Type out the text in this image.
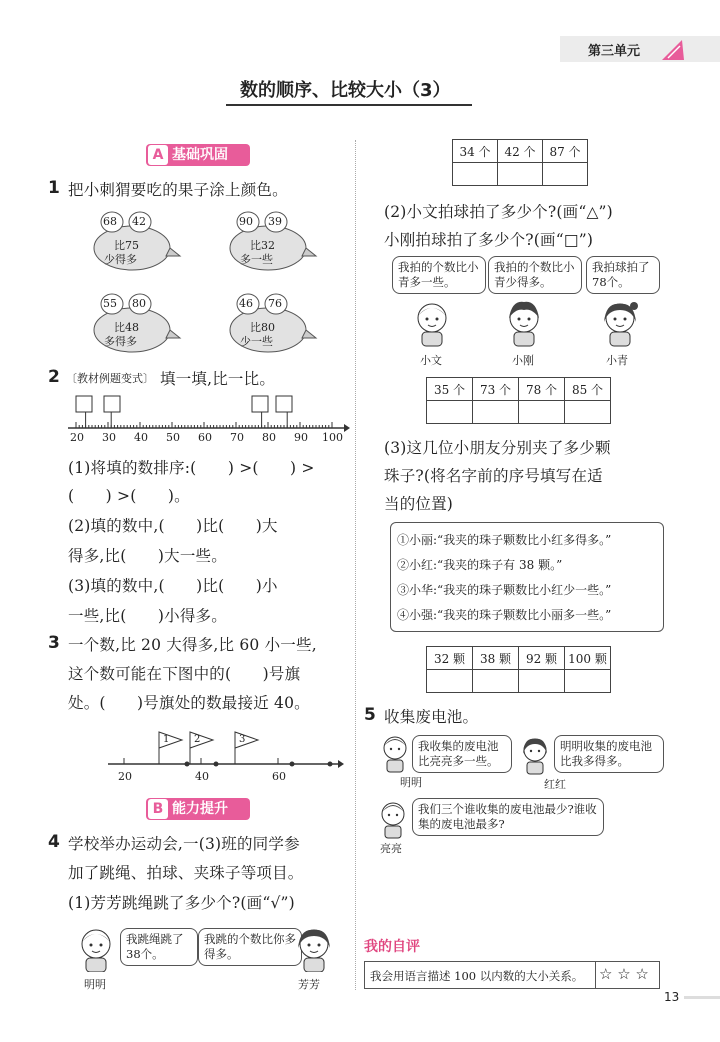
第三单元
数的顺序、比较大小（3）
A 基础巩固
1 把小刺猬要吃的果子涂上颜色。
68 42
比75
少得多
90 39
比32
多一些
55 80
比48
多得多
46 76
比80
少一些
2 〔教材例题变式〕 填一填,比一比。
20 30 40 50 60 70 80 90 100
(1)将填的数排序:(　　) >(　　) >
(　　) >(　　)。
(2)填的数中,(　　)比(　　)大
得多,比(　　)大一些。
(3)填的数中,(　　)比(　　)小
一些,比(　　)小得多。
3 一个数,比 20 大得多,比 60 小一些,
这个数可能在下图中的(　　)号旗
处。(　　)号旗处的数最接近 40。
1 2	3
20	40	60
B 能力提升
4 学校举办运动会,一(3)班的同学参
加了跳绳、拍球、夹珠子等项目。
(1)芳芳跳绳跳了多少个?(画“√”)
我跳绳跳了38个。
我跳的个数比你多得多。
明明	芳芳
34 个	42 个	87 个

(2)小文拍球拍了多少个?(画“△”)
小刚拍球拍了多少个?(画“□”)
我拍的个数比小青多一些。
我拍的个数比小青少得多。
我拍球拍了78个。
小文	小刚	小青
35 个	73 个	78 个	85 个

(3)这几位小朋友分别夹了多少颗
珠子?(将名字前的序号填写在适
当的位置)
①小丽:“我夹的珠子颗数比小红多得多。”
②小红:“我夹的珠子有 38 颗。”
③小华:“我夹的珠子颗数比小红少一些。”
④小强:“我夹的珠子颗数比小丽多一些。”
32 颗	38 颗	92 颗	100 颗

5 收集废电池。
我收集的废电池比亮亮多一些。
明明
明明收集的废电池比我多得多。
红红
我们三个谁收集的废电池最少?谁收集的废电池最多?
亮亮
我的自评
我会用语言描述 100 以内数的大小关系。 ☆ ☆ ☆
13
